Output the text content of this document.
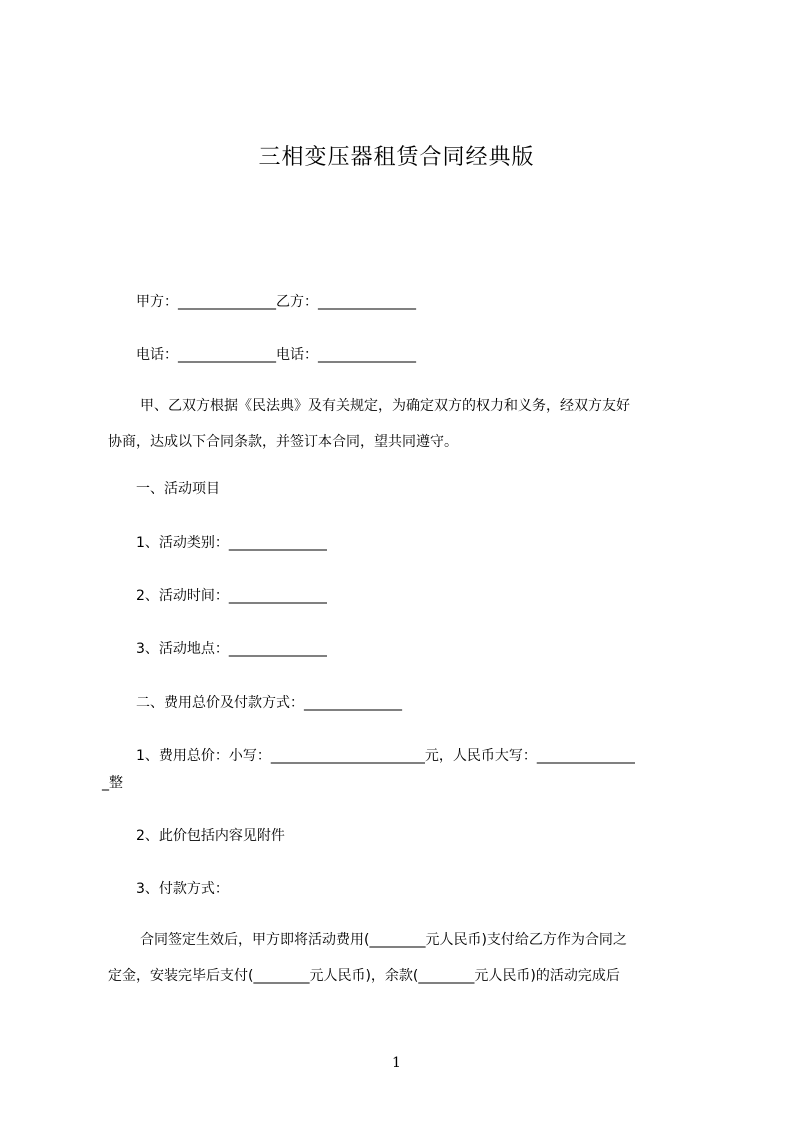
三相变压器租赁合同经典版
甲方：______________乙方：______________
电话：______________电话：______________
甲、乙双方根据《民法典》及有关规定，为确定双方的权力和义务，经双方友好
协商，达成以下合同条款，并签订本合同，望共同遵守。
一、活动项目
1、活动类别：______________
2、活动时间：______________
3、活动地点：______________
二、费用总价及付款方式：______________
1、费用总价：小写：______________________元，人民币大写：______________
_整
2、此价包括内容见附件
3、付款方式：
合同签定生效后，甲方即将活动费用(________元人民币)支付给乙方作为合同之
定金，安装完毕后支付(________元人民币)，余款(________元人民币)的活动完成后
1
